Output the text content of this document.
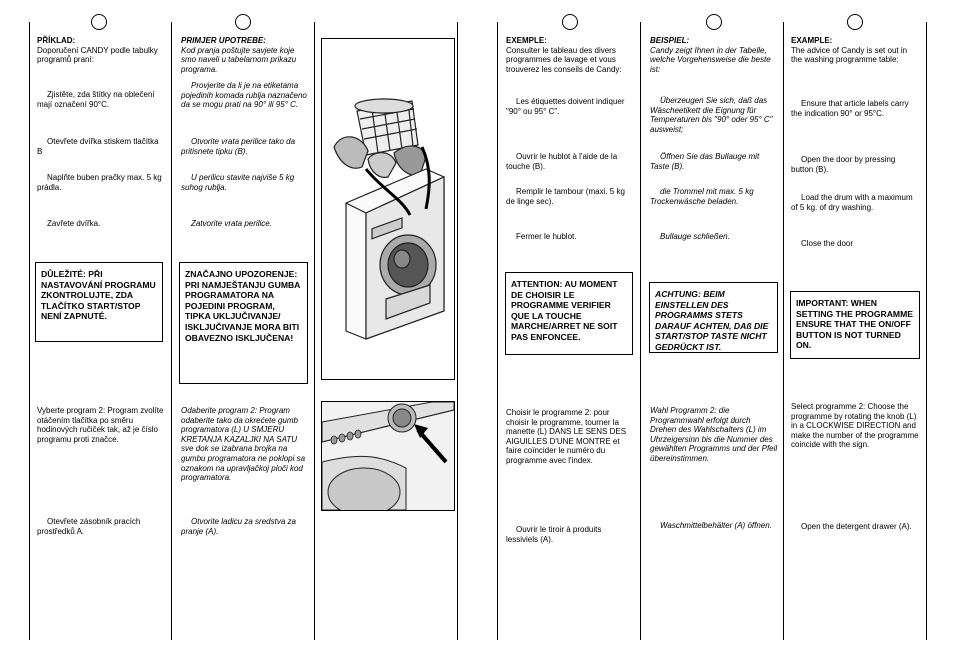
PŘÍKLAD:

Doporučení CANDY podle tabulky programů praní:

Zjistěte, zda štítky na oblečení mají označení 90°C.

Otevřete dvířka stiskem tlačítka B

Naplňte buben pračky max. 5 kg prádla.

Zavřete dvířka.

DŮLEŽITÉ: PŘI NASTAVOVÁNÍ PROGRAMU ZKONTROLUJTE, ZDA TLAČÍTKO START/STOP NENÍ ZAPNUTÉ.

Vyberte program 2: Program zvolíte otáčením tlačítka po směru hodinových ručiček tak, až je číslo programu proti značce.

Otevřete zásobník pracích prostředků A.

PRIMJER UPOTREBE:

Kod pranja poštujte savjete koje smo naveli u tabelarnom prikazu programa.

Provjerite da li je na etiketama pojedinih komada rublja naznačeno da se mogu prati na 90° ili 95° C.

Otvorite vrata perilice tako da pritisnete tipku (B).

U perilicu stavite najviše 5 kg suhog rublja.

Zatvorite vrata perilice.

ZNAČAJNO UPOZORENJE: PRI NAMJEŠTANJU GUMBA PROGRAMATORA NA POJEDINI PROGRAM, TIPKA UKLJUČIVANJE/ ISKLJUČIVANJE MORA BITI OBAVEZNO ISKLJUČENA!

Odaberite program 2: Program odaberite tako da okrećete gumb programatora (L) U SMJERU KRETANJA KAZALJKI NA SATU sve dok se izabrana brojka na gumbu programatora ne poklopi sa oznakom na upravljačkoj ploči kod programatora.

Otvorite ladicu za sredstva za pranje (A).

EXEMPLE:

Consulter le tableau des divers programmes de lavage et vous trouverez les conseils de Candy:

Les étiquettes doivent indiquer "90° ou 95° C".

Ouvrir le hublot à l'aide de la touche (B).

Remplir le tambour (maxi. 5 kg de linge sec).

Fermer le hublot.

ATTENTION: AU MOMENT DE CHOISIR LE PROGRAMME VERIFIER QUE LA TOUCHE MARCHE/ARRET NE SOIT PAS ENFONCEE.

Choisir le programme 2: pour choisir le programme, tourner la manette (L) DANS LE SENS DES AIGUILLES D'UNE MONTRE et faire coïncider le numéro du programme avec l'index.

Ouvrir le tiroir à produits lessiviels (A).

BEISPIEL:

Candy zeigt Ihnen in der Tabelle, welche Vorgehensweise die beste ist:

Überzeugen Sie sich, daß das Wäscheetikett die Eignung für Temperaturen bis "90° oder 95° C" ausweist;

Öffnen Sie das Bullauge mit Taste (B).

die Trommel mit max. 5 kg Trockenwäsche beladen.

Bullauge schließen.

ACHTUNG: BEIM EINSTELLEN DES PROGRAMMS STETS DARAUF ACHTEN, DAß DIE START/STOP TASTE NICHT GEDRÜCKT IST.

Wahl Programm 2: die Programmwahl erfolgt durch Drehen des Wahlschalters (L) im Uhrzeigersinn bis die Nummer des gewählten Programms und der Pfeil übereinstimmen.

Waschmittelbehälter (A) öffnen.

EXAMPLE:

The advice of Candy is set out in the washing programme table:

Ensure that article labels carry the indication 90° or 95°C.

Open the door by pressing button (B).

Load the drum with a maximum of 5 kg. of dry washing.

Close the door

IMPORTANT: WHEN SETTING THE PROGRAMME ENSURE THAT THE ON/OFF BUTTON IS NOT TURNED ON.

Select programme 2: Choose the programme by rotating the knob (L) in a CLOCKWISE DIRECTION and make the number of the programme coincide with the sign.

Open the detergent drawer (A).
